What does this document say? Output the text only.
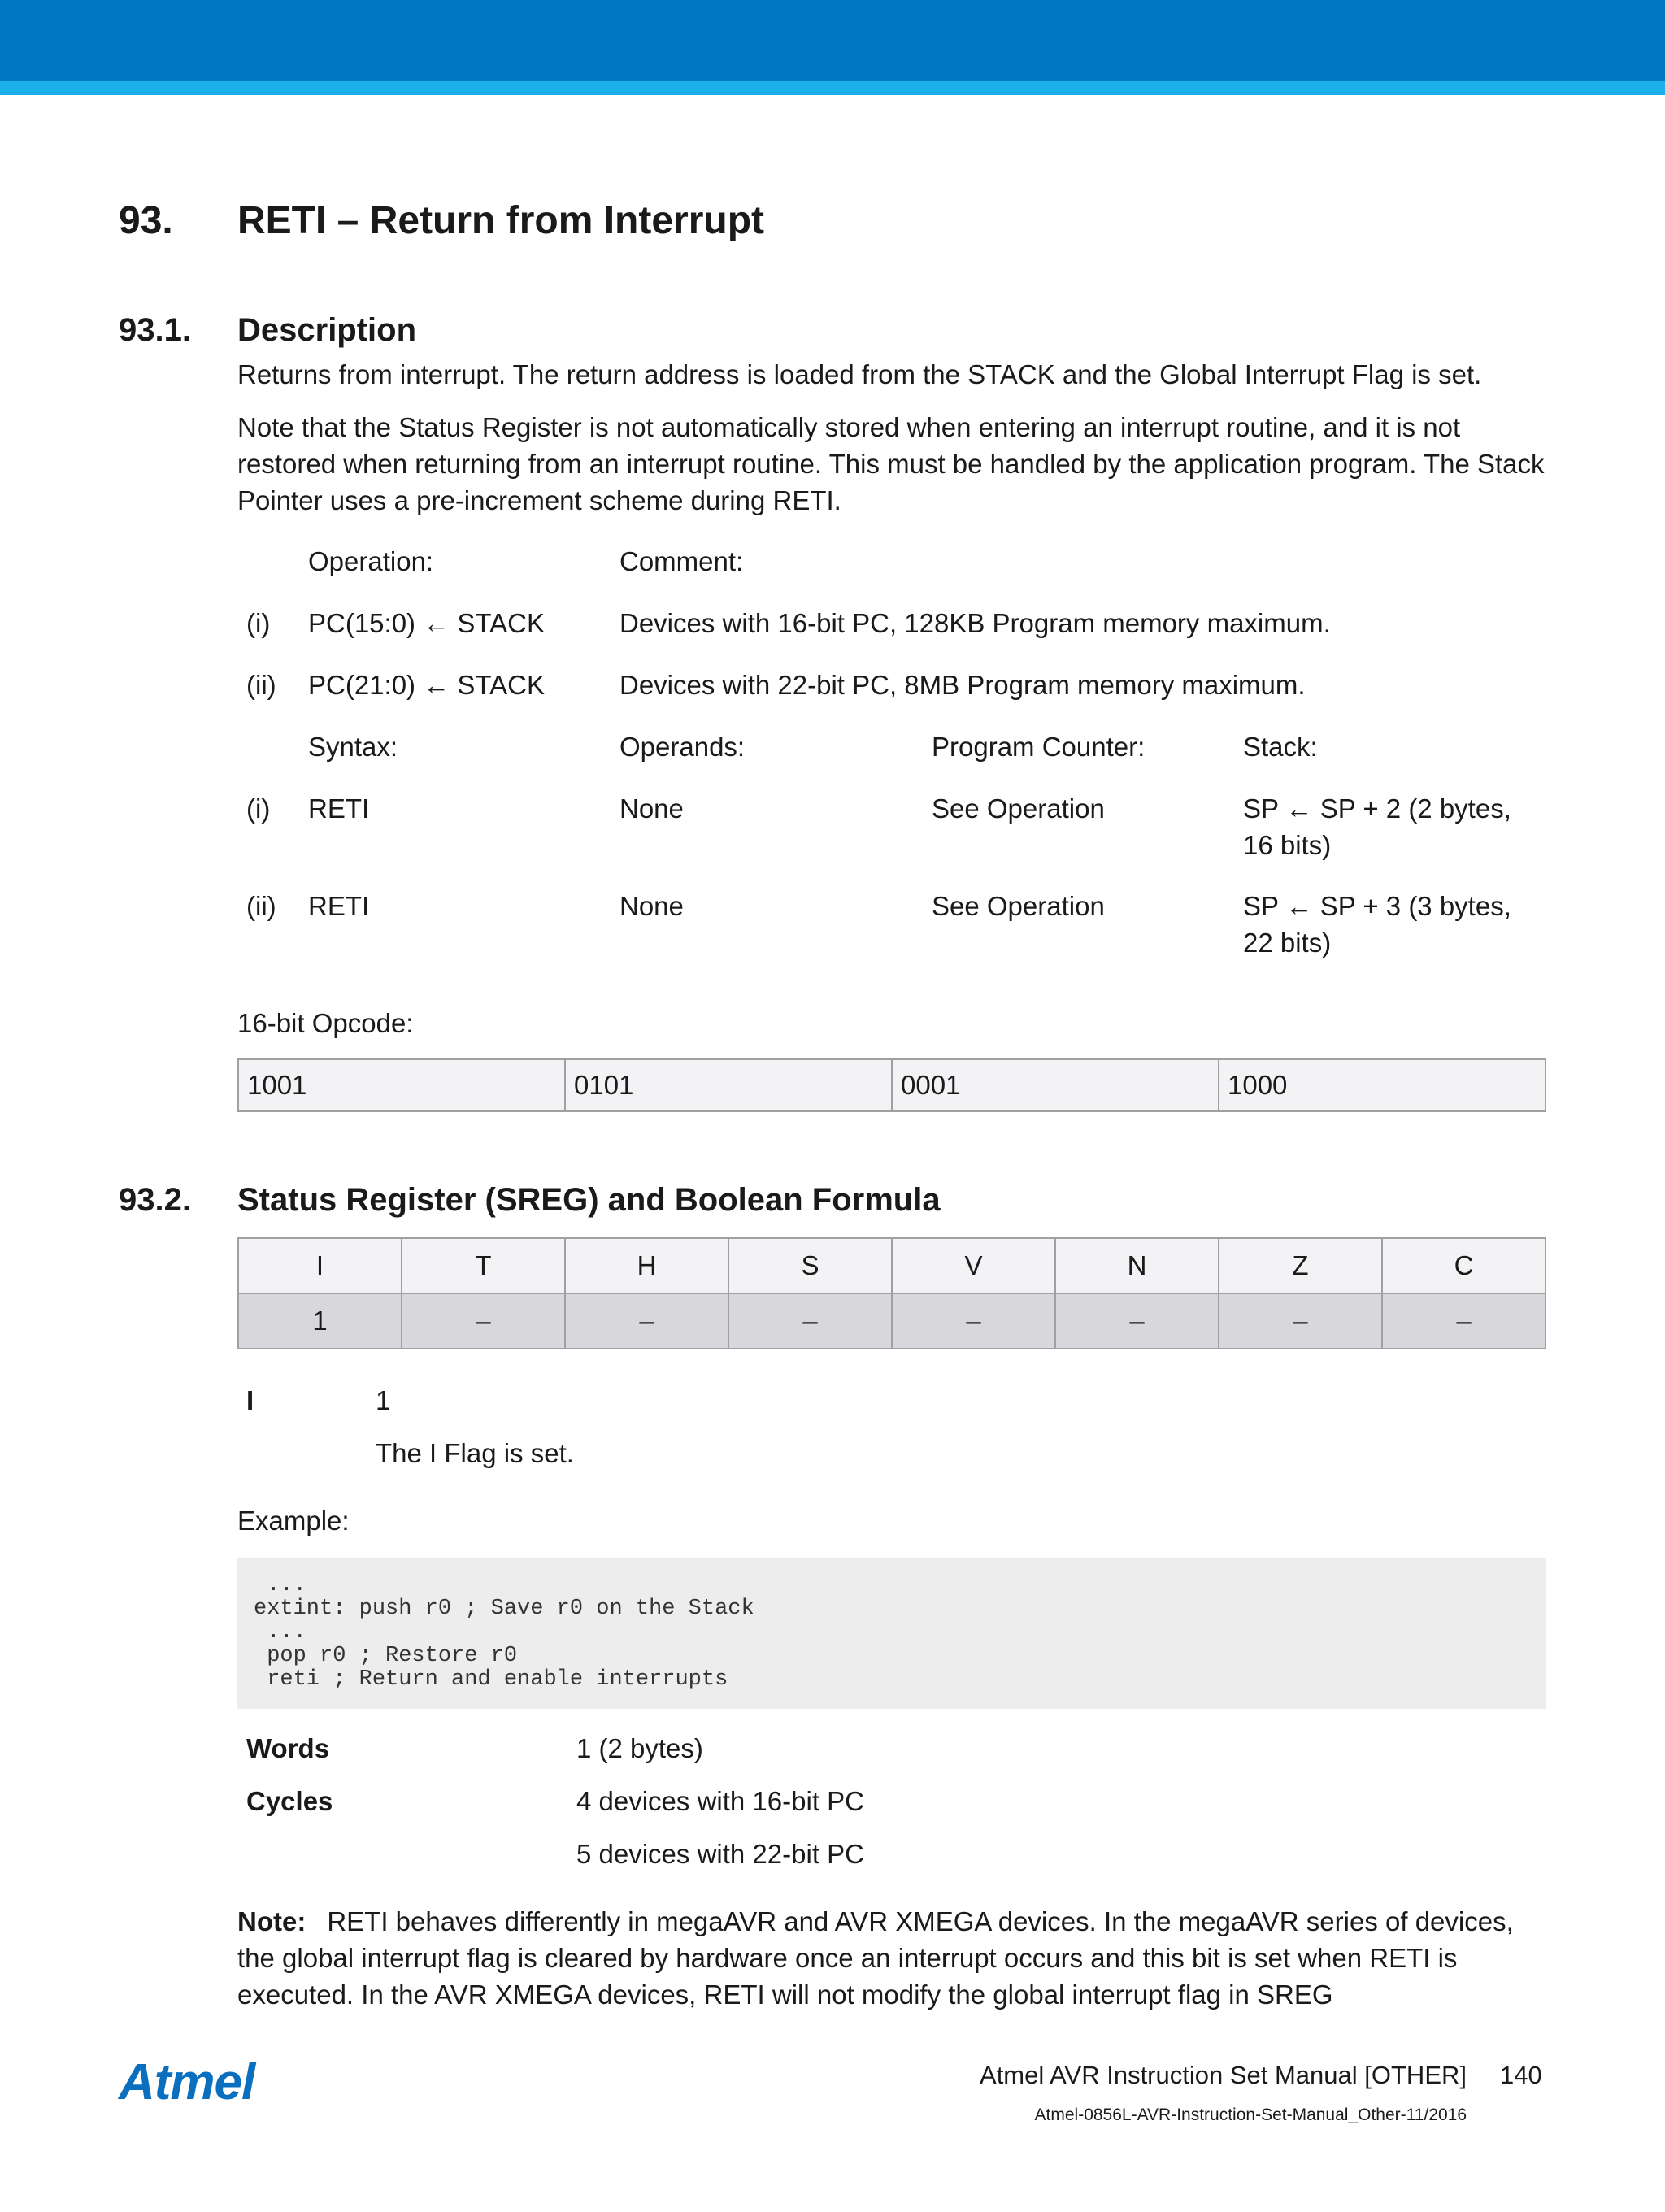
93. RETI – Return from Interrupt
93.1. Description
Returns from interrupt. The return address is loaded from the STACK and the Global Interrupt Flag is set.
Note that the Status Register is not automatically stored when entering an interrupt routine, and it is not restored when returning from an interrupt routine. This must be handled by the application program. The Stack Pointer uses a pre-increment scheme during RETI.
Operation:	Comment:
(i) PC(15:0) ← STACK	Devices with 16-bit PC, 128KB Program memory maximum.
(ii) PC(21:0) ← STACK	Devices with 22-bit PC, 8MB Program memory maximum.
Syntax:	Operands:	Program Counter:	Stack:
(i) RETI	None	See Operation	SP ← SP + 2 (2 bytes,
16 bits)
(ii) RETI	None	See Operation	SP ← SP + 3 (3 bytes,
22 bits)
16-bit Opcode:
1001	0101	0001	1000
93.2. Status Register (SREG) and Boolean Formula
I	T	H	S	V	N	Z	C
1	–	–	–	–	–	–	–
I	1
The I Flag is set.
Example:
...
extint: push r0 ; Save r0 on the Stack
...
pop r0 ; Restore r0
reti ; Return and enable interrupts
Words	1 (2 bytes)
Cycles	4 devices with 16-bit PC
5 devices with 22-bit PC
Note: RETI behaves differently in megaAVR and AVR XMEGA devices. In the megaAVR series of devices, the global interrupt flag is cleared by hardware once an interrupt occurs and this bit is set when RETI is executed. In the AVR XMEGA devices, RETI will not modify the global interrupt flag in SREG
Atmel	Atmel AVR Instruction Set Manual [OTHER] 140
Atmel-0856L-AVR-Instruction-Set-Manual_Other-11/2016
